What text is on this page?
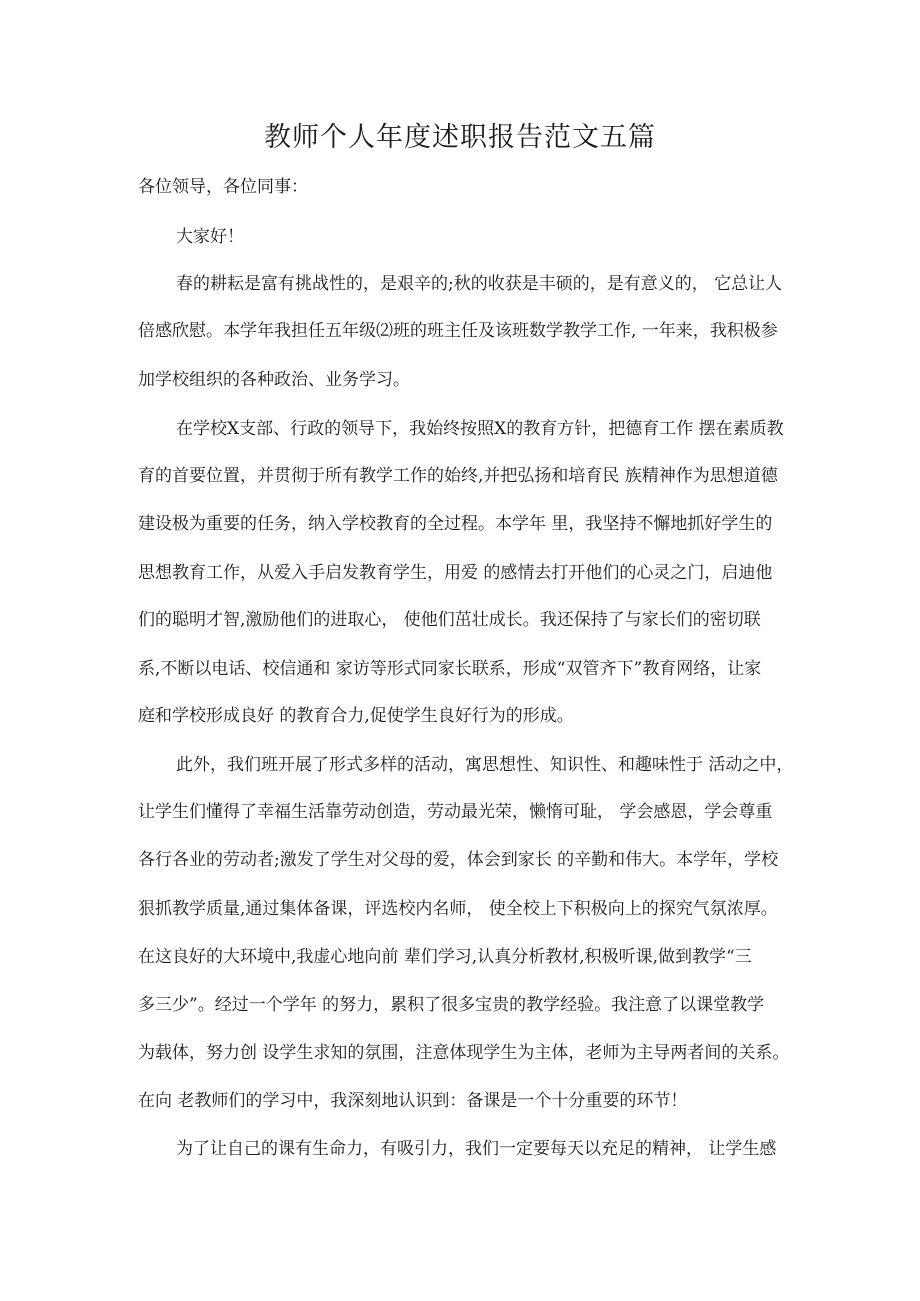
教师个人年度述职报告范文五篇

各位领导，各位同事：

大家好！

春的耕耘是富有挑战性的，是艰辛的;秋的收获是丰硕的，是有意义的， 它总让人

倍感欣慰。本学年我担任五年级⑵班的班主任及该班数学教学工作, 一年来，我积极参

加学校组织的各种政治、业务学习。

在学校X支部、行政的领导下，我始终按照X的教育方针，把德育工作 摆在素质教

育的首要位置，并贯彻于所有教学工作的始终,并把弘扬和培育民 族精神作为思想道德

建设极为重要的任务，纳入学校教育的全过程。本学年 里，我坚持不懈地抓好学生的

思想教育工作，从爱入手启发教育学生，用爱 的感情去打开他们的心灵之门，启迪他

们的聪明才智,激励他们的进取心， 使他们茁壮成长。我还保持了与家长们的密切联

系,不断以电话、校信通和 家访等形式同家长联系，形成“双管齐下”教育网络，让家

庭和学校形成良好 的教育合力,促使学生良好行为的形成。

此外，我们班开展了形式多样的活动，寓思想性、知识性、和趣味性于 活动之中，

让学生们懂得了幸福生活靠劳动创造，劳动最光荣，懒惰可耻， 学会感恩，学会尊重

各行各业的劳动者;激发了学生对父母的爱，体会到家长 的辛勤和伟大。本学年，学校

狠抓教学质量,通过集体备课，评选校内名师， 使全校上下积极向上的探究气氛浓厚。

在这良好的大环境中,我虚心地向前 辈们学习,认真分析教材,积极听课,做到教学“三

多三少”。经过一个学年 的努力，累积了很多宝贵的教学经验。我注意了以课堂教学

为载体，努力创 设学生求知的氛围，注意体现学生为主体，老师为主导两者间的关系。

在向 老教师们的学习中，我深刻地认识到：备课是一个十分重要的环节！

为了让自己的课有生命力，有吸引力，我们一定要每天以充足的精神， 让学生感
